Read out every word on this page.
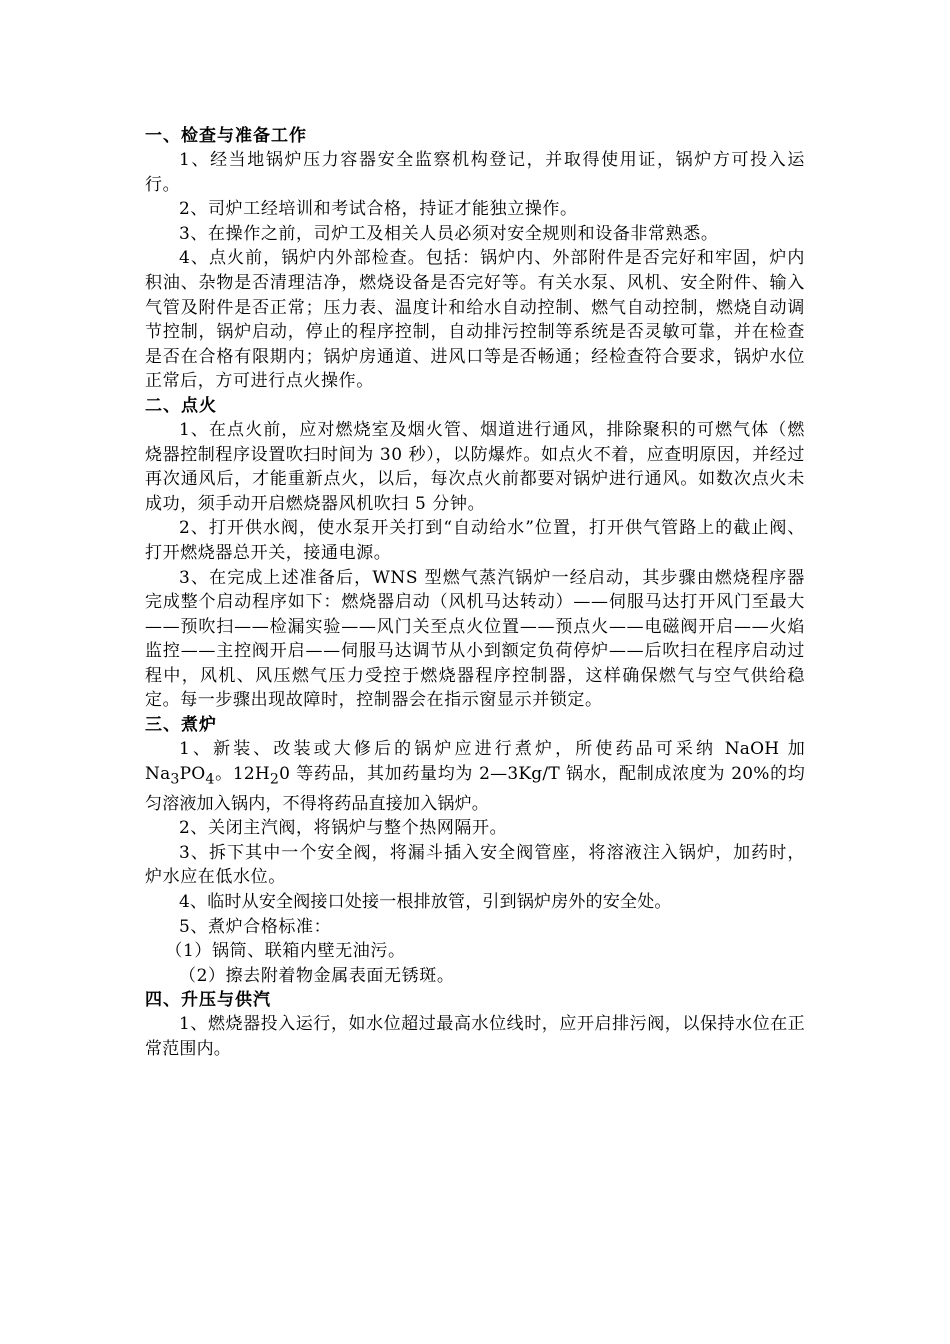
一、检查与准备工作
1、经当地锅炉压力容器安全监察机构登记，并取得使用证，锅炉方可投入运行。
2、司炉工经培训和考试合格，持证才能独立操作。
3、在操作之前，司炉工及相关人员必须对安全规则和设备非常熟悉。
4、点火前，锅炉内外部检查。包括：锅炉内、外部附件是否完好和牢固，炉内积油、杂物是否清理洁净，燃烧设备是否完好等。有关水泵、风机、安全附件、输入气管及附件是否正常；压力表、温度计和给水自动控制、燃气自动控制，燃烧自动调节控制，锅炉启动，停止的程序控制，自动排污控制等系统是否灵敏可靠，并在检查是否在合格有限期内；锅炉房通道、进风口等是否畅通；经检查符合要求，锅炉水位正常后，方可进行点火操作。
二、点火
1、在点火前，应对燃烧室及烟火管、烟道进行通风，排除聚积的可燃气体（燃烧器控制程序设置吹扫时间为 30 秒），以防爆炸。如点火不着，应查明原因，并经过再次通风后，才能重新点火，以后，每次点火前都要对锅炉进行通风。如数次点火未成功，须手动开启燃烧器风机吹扫 5 分钟。
2、打开供水阀，使水泵开关打到“自动给水”位置，打开供气管路上的截止阀、打开燃烧器总开关，接通电源。
3、在完成上述准备后，WNS 型燃气蒸汽锅炉一经启动，其步骤由燃烧程序器完成整个启动程序如下：燃烧器启动（风机马达转动）——伺服马达打开风门至最大——预吹扫——检漏实验——风门关至点火位置——预点火——电磁阀开启——火焰监控——主控阀开启——伺服马达调节从小到额定负荷停炉——后吹扫在程序启动过程中，风机、风压燃气压力受控于燃烧器程序控制器，这样确保燃气与空气供给稳定。每一步骤出现故障时，控制器会在指示窗显示并锁定。
三、煮炉
1、新装、改装或大修后的锅炉应进行煮炉，所使药品可采纳 NaOH 加 $Na_3PO_4$。$12H_20$ 等药品，其加药量均为 2—3Kg/T 锅水，配制成浓度为 20%的均匀溶液加入锅内，不得将药品直接加入锅炉。
2、关闭主汽阀，将锅炉与整个热网隔开。
3、拆下其中一个安全阀，将漏斗插入安全阀管座，将溶液注入锅炉，加药时，炉水应在低水位。
4、临时从安全阀接口处接一根排放管，引到锅炉房外的安全处。
5、煮炉合格标准：
（1）锅筒、联箱内壁无油污。
（2）擦去附着物金属表面无锈斑。
四、升压与供汽
1、燃烧器投入运行，如水位超过最高水位线时，应开启排污阀，以保持水位在正常范围内。
